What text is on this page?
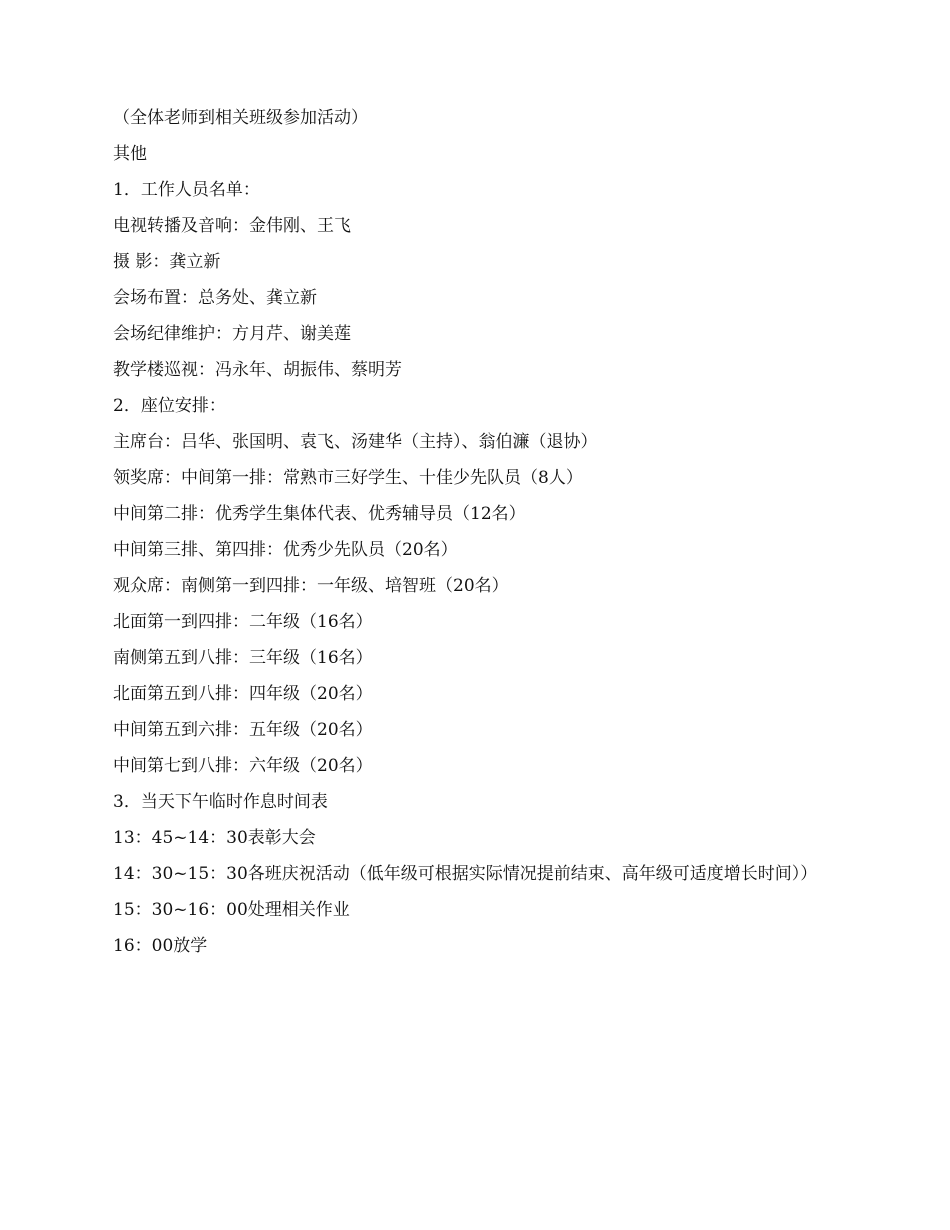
（全体老师到相关班级参加活动）

其他

1．工作人员名单：

电视转播及音响：金伟刚、王飞

摄 影：龚立新

会场布置：总务处、龚立新

会场纪律维护：方月芹、谢美莲

教学楼巡视：冯永年、胡振伟、蔡明芳

2．座位安排：

主席台：吕华、张国明、袁飞、汤建华（主持）、翁伯濂（退协）

领奖席：中间第一排：常熟市三好学生、十佳少先队员（8人）

中间第二排：优秀学生集体代表、优秀辅导员（12名）

中间第三排、第四排：优秀少先队员（20名）

观众席：南侧第一到四排：一年级、培智班（20名）

北面第一到四排：二年级（16名）

南侧第五到八排：三年级（16名）

北面第五到八排：四年级（20名）

中间第五到六排：五年级（20名）

中间第七到八排：六年级（20名）

3．当天下午临时作息时间表

13：45~14：30表彰大会

14：30~15：30各班庆祝活动（低年级可根据实际情况提前结束、高年级可适度增长时间））

15：30~16：00处理相关作业

16：00放学
